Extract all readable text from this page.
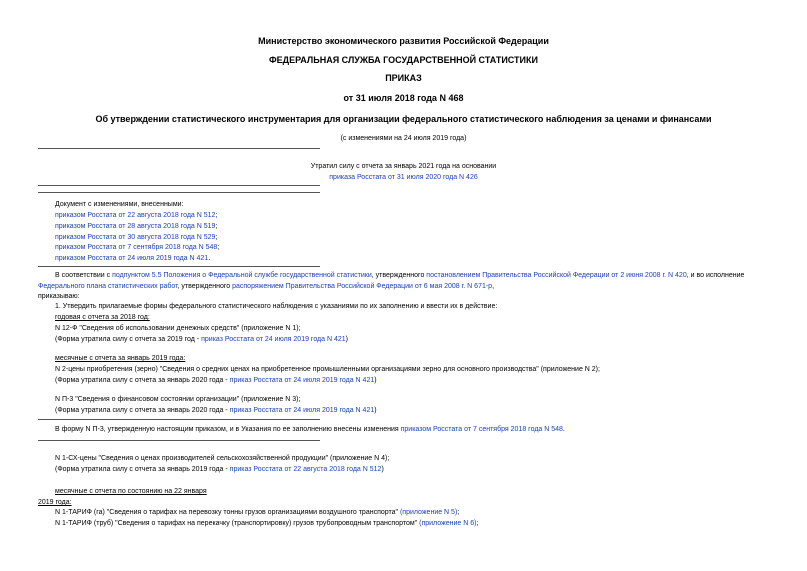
Министерство экономического развития Российской Федерации
ФЕДЕРАЛЬНАЯ СЛУЖБА ГОСУДАРСТВЕННОЙ СТАТИСТИКИ
ПРИКАЗ
от 31 июля 2018 года N 468
Об утверждении статистического инструментария для организации федерального статистического наблюдения за ценами и финансами
(с изменениями на 24 июля 2019 года)
Утратил силу с отчета за январь 2021 года на основании
приказа Росстата от 31 июля 2020 года N 426
Документ с изменениями, внесенными:
приказом Росстата от 22 августа 2018 года N 512;
приказом Росстата от 28 августа 2018 года N 519;
приказом Росстата от 30 августа 2018 года N 529;
приказом Росстата от 7 сентября 2018 года N 548;
приказом Росстата от 24 июля 2019 года N 421.
В соответствии с подпунктом 5.5 Положения о Федеральной службе государственной статистики, утвержденного постановлением Правительства Российской Федерации от 2 июня 2008 г. N 420, и во исполнение
Федерального плана статистических работ, утвержденного распоряжением Правительства Российской Федерации от 6 мая 2008 г. N 671-р,
приказываю:
1. Утвердить прилагаемые формы федерального статистического наблюдения с указаниями по их заполнению и ввести их в действие:
годовая с отчета за 2018 год:
N 12-Ф "Сведения об использовании денежных средств" (приложение N 1);
(Форма утратила силу с отчета за 2019 год - приказ Росстата от 24 июля 2019 года N 421)
месячные с отчета за январь 2019 года:
N 2-цены приобретения (зерно) "Сведения о средних ценах на приобретенное промышленными организациями зерно для основного производства" (приложение N 2);
(Форма утратила силу с отчета за январь 2020 года - приказ Росстата от 24 июля 2019 года N 421)
N П-3 "Сведения о финансовом состоянии организации" (приложение N 3);
(Форма утратила силу с отчета за январь 2020 года - приказ Росстата от 24 июля 2019 года N 421)
В форму N П-3, утвержденную настоящим приказом, и в Указания по ее заполнению внесены изменения приказом Росстата от 7 сентября 2018 года N 548.
N 1-СХ-цены "Сведения о ценах производителей сельскохозяйственной продукции" (приложение N 4);
(Форма утратила силу с отчета за январь 2019 года - приказ Росстата от 22 августа 2018 года N 512)
месячные с отчета по состоянию на 22 января
2019 года:
N 1-ТАРИФ (га) "Сведения о тарифах на перевозку тонны грузов организациями воздушного транспорта" (приложение N 5);
N 1-ТАРИФ (труб) "Сведения о тарифах на перекачку (транспортировку) грузов трубопроводным транспортом" (приложение N 6);
